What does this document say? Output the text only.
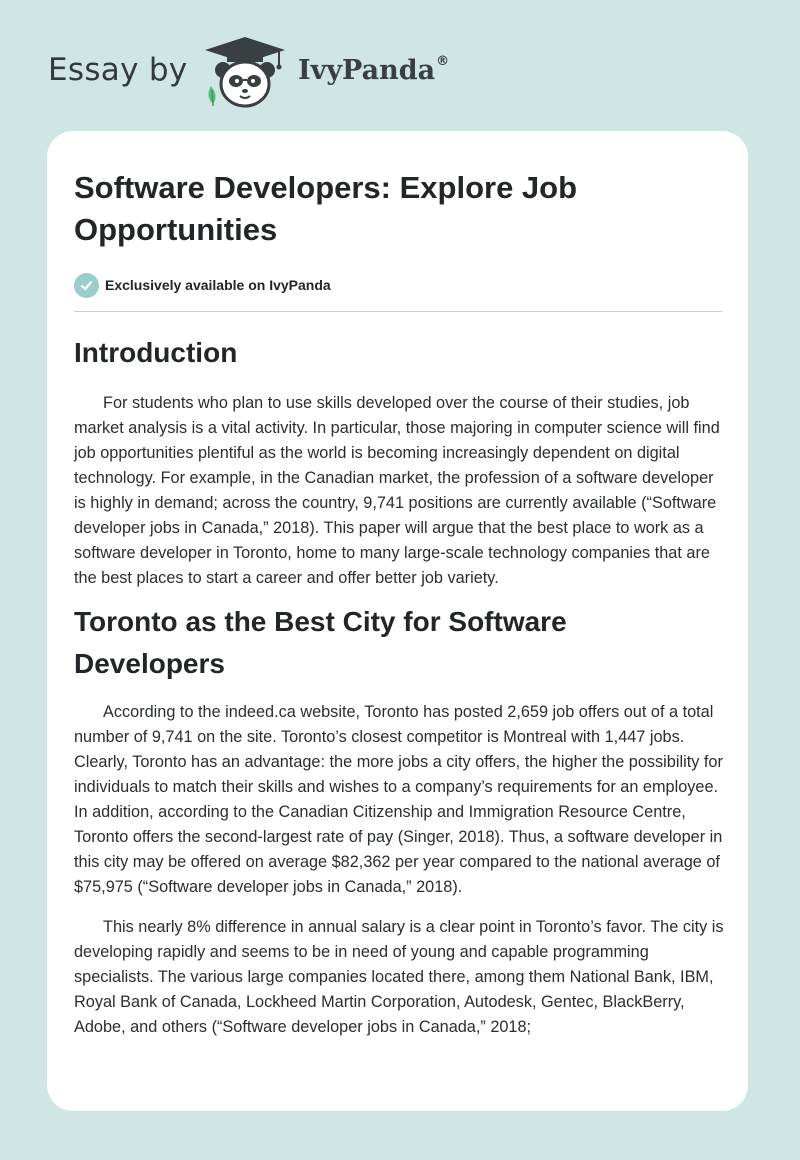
Essay by	IvyPanda®
Software Developers: Explore Job Opportunities
Exclusively available on IvyPanda
Introduction

For students who plan to use skills developed over the course of their studies, job market analysis is a vital activity. In particular, those majoring in computer science will find job opportunities plentiful as the world is becoming increasingly dependent on digital technology. For example, in the Canadian market, the profession of a software developer is highly in demand; across the country, 9,741 positions are currently available (“Software developer jobs in Canada,” 2018). This paper will argue that the best place to work as a software developer in Toronto, home to many large-scale technology companies that are the best places to start a career and offer better job variety.

Toronto as the Best City for Software Developers

According to the indeed.ca website, Toronto has posted 2,659 job offers out of a total number of 9,741 on the site. Toronto’s closest competitor is Montreal with 1,447 jobs. Clearly, Toronto has an advantage: the more jobs a city offers, the higher the possibility for individuals to match their skills and wishes to a company’s requirements for an employee. In addition, according to the Canadian Citizenship and Immigration Resource Centre, Toronto offers the second-largest rate of pay (Singer, 2018). Thus, a software developer in this city may be offered on average $82,362 per year compared to the national average of $75,975 (“Software developer jobs in Canada,” 2018).

This nearly 8% difference in annual salary is a clear point in Toronto’s favor. The city is developing rapidly and seems to be in need of young and capable programming specialists. The various large companies located there, among them National Bank, IBM, Royal Bank of Canada, Lockheed Martin Corporation, Autodesk, Gentec, BlackBerry, Adobe, and others (“Software developer jobs in Canada,” 2018;
